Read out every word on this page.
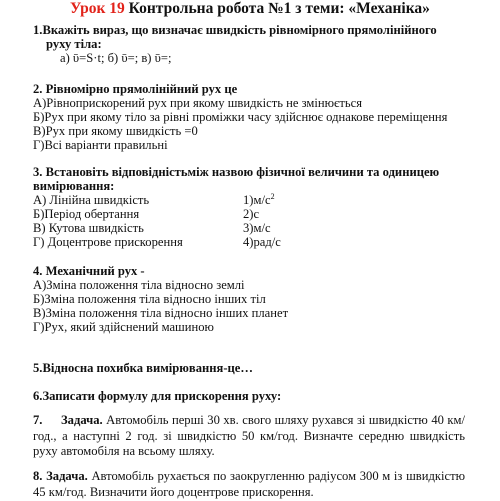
Урок 19 Контрольна робота №1 з теми: «Механіка»
1.Вкажіть вираз, що визначає швидкість рівномірного прямолінійного
руху тіла:
а) ῡ=S·t; б) ῡ=; в) ῡ=;
2. Рівномірно прямолінійний рух це
А)Рівноприскорений рух при якому швидкість не змінюється
Б)Рух при якому тіло за рівні проміжки часу здійснює однакове переміщення
В)Рух при якому швидкість =0
Г)Всі варіанти правильні
3. Встановіть відповідністьміж назвою фізичної величини та одиницею
вимірювання:
А) Лінійна швидкість
Б)Період обертання
В) Кутова швидкість
Г) Доцентрове прискорення
$1)м/с^2$
2)с
3)м/с
4)рад/с
4. Механічний рух -
А)Зміна положення тіла відносно землі
Б)Зміна положення тіла відносно інших тіл
В)Зміна положення тіла відносно інших планет
Г)Рух, який здійснений машиною
5.Відносна похибка вимірювання-це…
6.Записати формулу для прискорення руху:
7. Задача. Автомобіль перші 30 хв. свого шляху рухався зі швидкістю 40 км/год., а наступні 2 год. зі швидкістю 50 км/год. Визначте середню швидкість руху автомобіля на всьому шляху.
8. Задача. Автомобіль рухається по заокругленню радіусом 300 м із швидкістю 45 км/год. Визначити його доцентрове прискорення.
